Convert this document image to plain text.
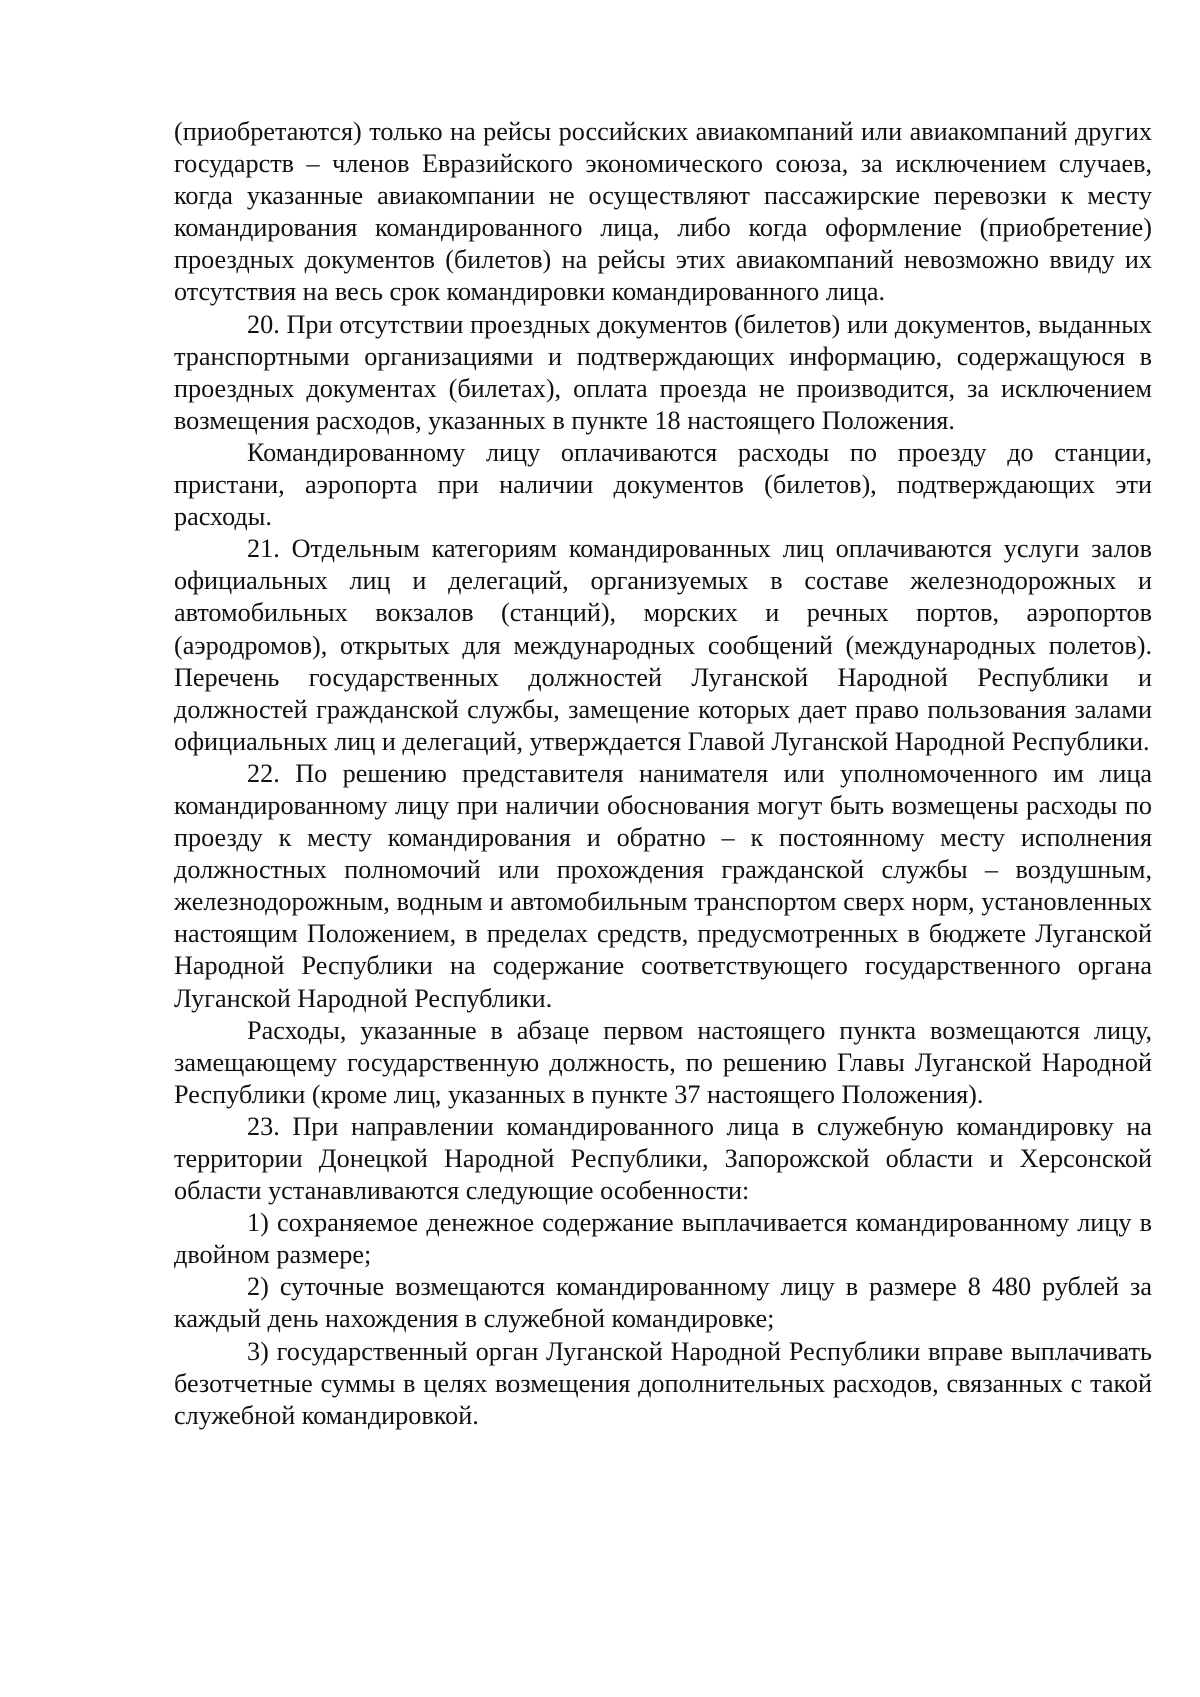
(приобретаются) только на рейсы российских авиакомпаний или авиакомпаний других государств – членов Евразийского экономического союза, за исключением случаев, когда указанные авиакомпании не осуществляют пассажирские перевозки к месту командирования командированного лица, либо когда оформление (приобретение) проездных документов (билетов) на рейсы этих авиакомпаний невозможно ввиду их отсутствия на весь срок командировки командированного лица.

20. При отсутствии проездных документов (билетов) или документов, выданных транспортными организациями и подтверждающих информацию, содержащуюся в проездных документах (билетах), оплата проезда не производится, за исключением возмещения расходов, указанных в пункте 18 настоящего Положения.

Командированному лицу оплачиваются расходы по проезду до станции, пристани, аэропорта при наличии документов (билетов), подтверждающих эти расходы.

21. Отдельным категориям командированных лиц оплачиваются услуги залов официальных лиц и делегаций, организуемых в составе железнодорожных и автомобильных вокзалов (станций), морских и речных портов, аэропортов (аэродромов), открытых для международных сообщений (международных полетов). Перечень государственных должностей Луганской Народной Республики и должностей гражданской службы, замещение которых дает право пользования залами официальных лиц и делегаций, утверждается Главой Луганской Народной Республики.

22. По решению представителя нанимателя или уполномоченного им лица командированному лицу при наличии обоснования могут быть возмещены расходы по проезду к месту командирования и обратно – к постоянному месту исполнения должностных полномочий или прохождения гражданской службы – воздушным, железнодорожным, водным и автомобильным транспортом сверх норм, установленных настоящим Положением, в пределах средств, предусмотренных в бюджете Луганской Народной Республики на содержание соответствующего государственного органа Луганской Народной Республики.

Расходы, указанные в абзаце первом настоящего пункта возмещаются лицу, замещающему государственную должность, по решению Главы Луганской Народной Республики (кроме лиц, указанных в пункте 37 настоящего Положения).

23. При направлении командированного лица в служебную командировку на территории Донецкой Народной Республики, Запорожской области и Херсонской области устанавливаются следующие особенности:

1) сохраняемое денежное содержание выплачивается командированному лицу в двойном размере;

2) суточные возмещаются командированному лицу в размере 8 480 рублей за каждый день нахождения в служебной командировке;

3) государственный орган Луганской Народной Республики вправе выплачивать безотчетные суммы в целях возмещения дополнительных расходов, связанных с такой служебной командировкой.
